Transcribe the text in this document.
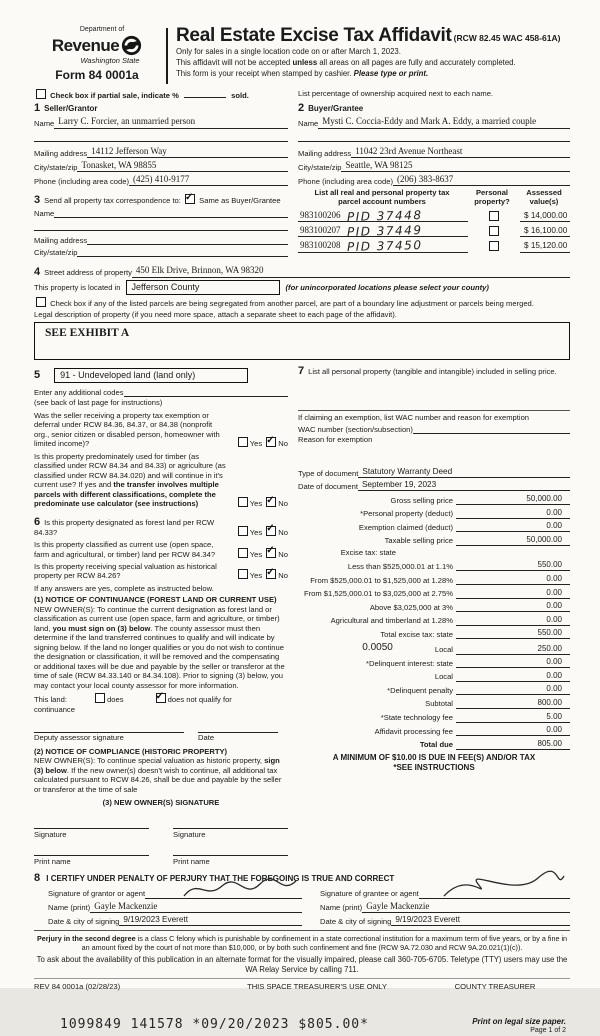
Department of
Revenue
Washington State
Form 84 0001a
Real Estate Excise Tax Affidavit (RCW 82.45 WAC 458-61A)
Only for sales in a single location code on or after March 1, 2023.
This affidavit will not be accepted unless all areas on all pages are fully and accurately completed.
This form is your receipt when stamped by cashier. Please type or print.
Check box if partial sale, indicate %	sold.	List percentage of ownership acquired next to each name.
1 Seller/Grantor
Name Larry C. Forcier, an unmarried person
Mailing address 14112 Jefferson Way
City/state/zip Tonasket, WA 98855
Phone (including area code) (425) 410-9177
3 Send all property tax correspondence to: ✓ Same as Buyer/Grantee
Name
Mailing address
City/state/zip
2 Buyer/Grantee
Name Mysti C. Coccia-Eddy and Mark A. Eddy, a married couple
Mailing address 11042 23rd Avenue Northeast
City/state/zip Seattle, WA 98125
Phone (including area code) (206) 383-8637
List all real and personal property tax
parcel account numbers
Personal
property?
Assessed
value(s)
983100206 PID 37448	$ 14,000.00
983100207 PID 37449	$ 16,100.00
983100208 PID 37450	$ 15,120.00
4 Street address of property 450 Elk Drive, Brinnon, WA 98320
This property is located in	Jefferson County	(for unincorporated locations please select your county)
Check box if any of the listed parcels are being segregated from another parcel, are part of a boundary line adjustment or parcels being merged.
Legal description of property (if you need more space, attach a separate sheet to each page of the affidavit).
SEE EXHIBIT A
5	91 - Undeveloped land (land only)
Enter any additional codes
(see back of last page for instructions)
Was the seller receiving a property tax exemption or deferral under RCW 84.36, 84.37, or 84.38 (nonprofit org., senior citizen or disabled person, homeowner with limited income)?	Yes ✓ No
Is this property predominately used for timber (as classified under RCW 84.34 and 84.33) or agriculture (as classified under RCW 84.34.020) and will continue in it's current use? If yes and the transfer involves multiple parcels with different classifications, complete the predominate use calculator (see instructions)	Yes ✓ No
6 Is this property designated as forest land per RCW 84.33?	Yes ✓ No
Is this property classified as current use (open space, farm and agricultural, or timber) land per RCW 84.34?	Yes ✓ No
Is this property receiving special valuation as historical property per RCW 84.26?	Yes ✓ No
If any answers are yes, complete as instructed below.
(1) NOTICE OF CONTINUANCE (FOREST LAND OR CURRENT USE)
NEW OWNER(S): To continue the current designation as forest land or classification as current use (open space, farm and agriculture, or timber) land, you must sign on (3) below. The county assessor must then determine if the land transferred continues to qualify and will indicate by signing below. If the land no longer qualifies or you do not wish to continue the designation or classification, it will be removed and the compensating or additional taxes will be due and payable by the seller or transferor at the time of sale (RCW 84.33.140 or 84.34.108). Prior to signing (3) below, you may contact your local county assessor for more information.
This land:	does ✓	does not qualify for
continuance
Deputy assessor signature	Date
(2) NOTICE OF COMPLIANCE (HISTORIC PROPERTY)
NEW OWNER(S): To continue special valuation as historic property, sign (3) below. If the new owner(s) doesn't wish to continue, all additional tax calculated pursuant to RCW 84.26, shall be due and payable by the seller or transferor at the time of sale
(3) NEW OWNER(S) SIGNATURE
Signature	Signature
Print name	Print name
7 List all personal property (tangible and intangible) included in selling price.
If claiming an exemption, list WAC number and reason for exemption
WAC number (section/subsection)
Reason for exemption
Type of document Statutory Warranty Deed
Date of document September 19, 2023
Gross selling price	50,000.00
*Personal property (deduct)	0.00
Exemption claimed (deduct)	0.00
Taxable selling price	50,000.00
Excise tax: state
Less than $525,000.01 at 1.1%	550.00
From $525,000.01 to $1,525,000 at 1.28%	0.00
From $1,525,000.01 to $3,025,000 at 2.75%	0.00
Above $3,025,000 at 3%	0.00
Agricultural and timberland at 1.28%	0.00
Total excise tax: state	550.00
0.0050	Local	250.00
*Delinquent interest: state	0.00
Local	0.00
*Delinquent penalty	0.00
Subtotal	800.00
*State technology fee	5.00
Affidavit processing fee	0.00
Total due	805.00
A MINIMUM OF $10.00 IS DUE IN FEE(S) AND/OR TAX
*SEE INSTRUCTIONS
8 I CERTIFY UNDER PENALTY OF PERJURY THAT THE FOREGOING IS TRUE AND CORRECT
Signature of grantor or agent
Name (print) Gayle Mackenzie
Date & city of signing 9/19/2023 Everett
Signature of grantee or agent
Name (print) Gayle Mackenzie
Date & city of signing 9/19/2023 Everett
Perjury in the second degree is a class C felony which is punishable by confinement in a state correctional institution for a maximum term of five years, or by a fine in an amount fixed by the court of not more than $10,000, or by both such confinement and fine (RCW 9A.72.030 and RCW 9A.20.021(1)(c)).
To ask about the availability of this publication in an alternate format for the visually impaired, please call 360-705-6705. Teletype (TTY) users may use the WA Relay Service by calling 711.
REV 84 0001a (02/28/23)	THIS SPACE TREASURER'S USE ONLY	COUNTY TREASURER
1099849 141578 *09/20/2023 $805.00*	Print on legal size paper.
Page 1 of 2
